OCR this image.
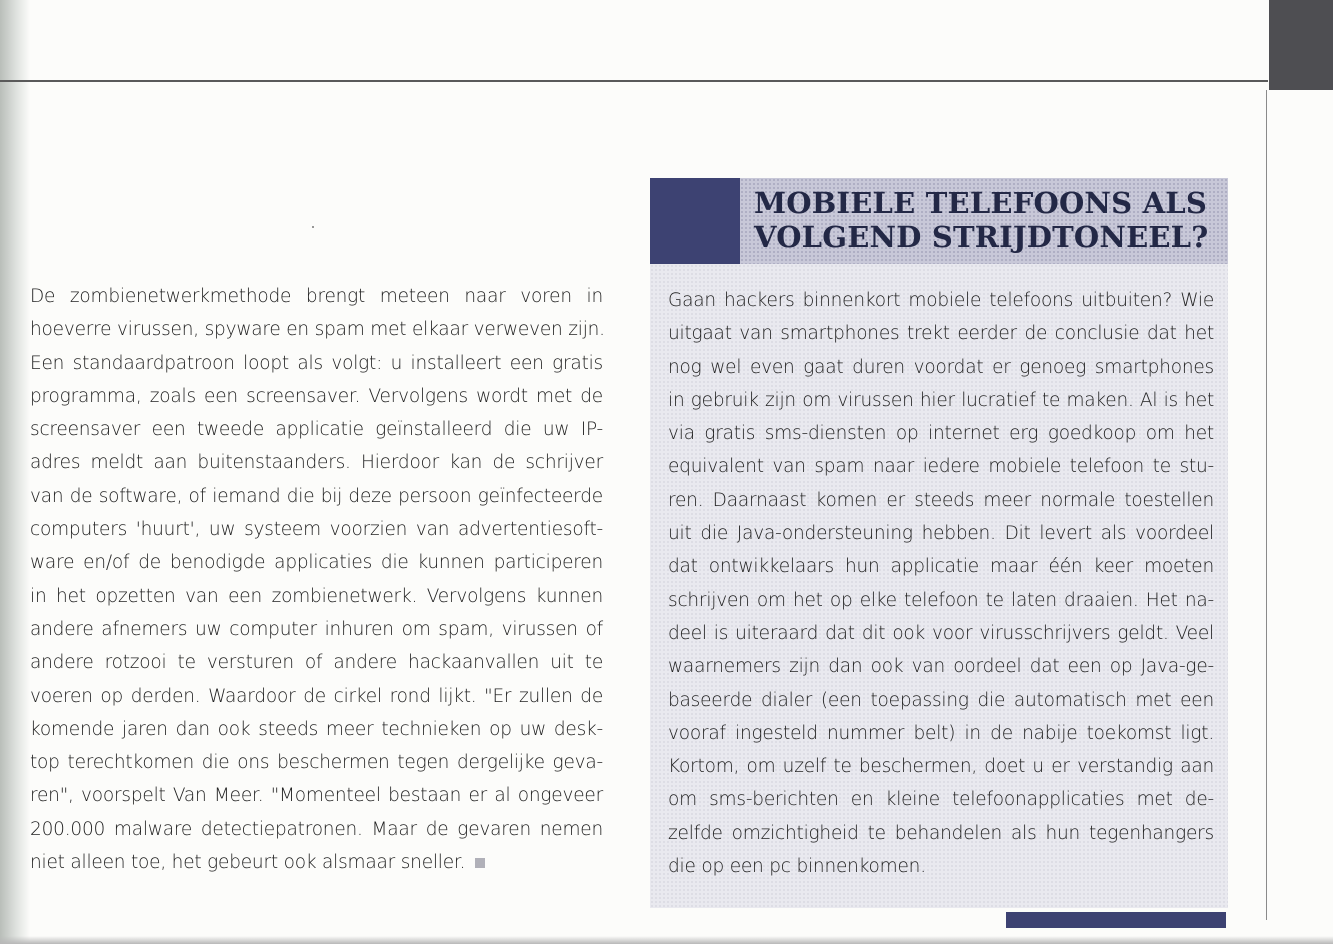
De zombienetwerkmethode brengt meteen naar voren in
hoeverre virussen, spyware en spam met elkaar verweven zijn.
Een standaardpatroon loopt als volgt: u installeert een gratis
programma, zoals een screensaver. Vervolgens wordt met de
screensaver een tweede applicatie geïnstalleerd die uw IP-
adres meldt aan buitenstaanders. Hierdoor kan de schrijver
van de software, of iemand die bij deze persoon geïnfecteerde
computers 'huurt', uw systeem voorzien van advertentiesoft-
ware en/of de benodigde applicaties die kunnen participeren
in het opzetten van een zombienetwerk. Vervolgens kunnen
andere afnemers uw computer inhuren om spam, virussen of
andere rotzooi te versturen of andere hackaanvallen uit te
voeren op derden. Waardoor de cirkel rond lijkt. "Er zullen de
komende jaren dan ook steeds meer technieken op uw desk-
top terechtkomen die ons beschermen tegen dergelijke geva-
ren", voorspelt Van Meer. "Momenteel bestaan er al ongeveer
200.000 malware detectiepatronen. Maar de gevaren nemen
niet alleen toe, het gebeurt ook alsmaar sneller.
MOBIELE TELEFOONS ALS
VOLGEND STRIJDTONEEL?
Gaan hackers binnenkort mobiele telefoons uitbuiten? Wie
uitgaat van smartphones trekt eerder de conclusie dat het
nog wel even gaat duren voordat er genoeg smartphones
in gebruik zijn om virussen hier lucratief te maken. Al is het
via gratis sms-diensten op internet erg goedkoop om het
equivalent van spam naar iedere mobiele telefoon te stu-
ren. Daarnaast komen er steeds meer normale toestellen
uit die Java-ondersteuning hebben. Dit levert als voordeel
dat ontwikkelaars hun applicatie maar één keer moeten
schrijven om het op elke telefoon te laten draaien. Het na-
deel is uiteraard dat dit ook voor virusschrijvers geldt. Veel
waarnemers zijn dan ook van oordeel dat een op Java-ge-
baseerde dialer (een toepassing die automatisch met een
vooraf ingesteld nummer belt) in de nabije toekomst ligt.
Kortom, om uzelf te beschermen, doet u er verstandig aan
om sms-berichten en kleine telefoonapplicaties met de-
zelfde omzichtigheid te behandelen als hun tegenhangers
die op een pc binnenkomen.
